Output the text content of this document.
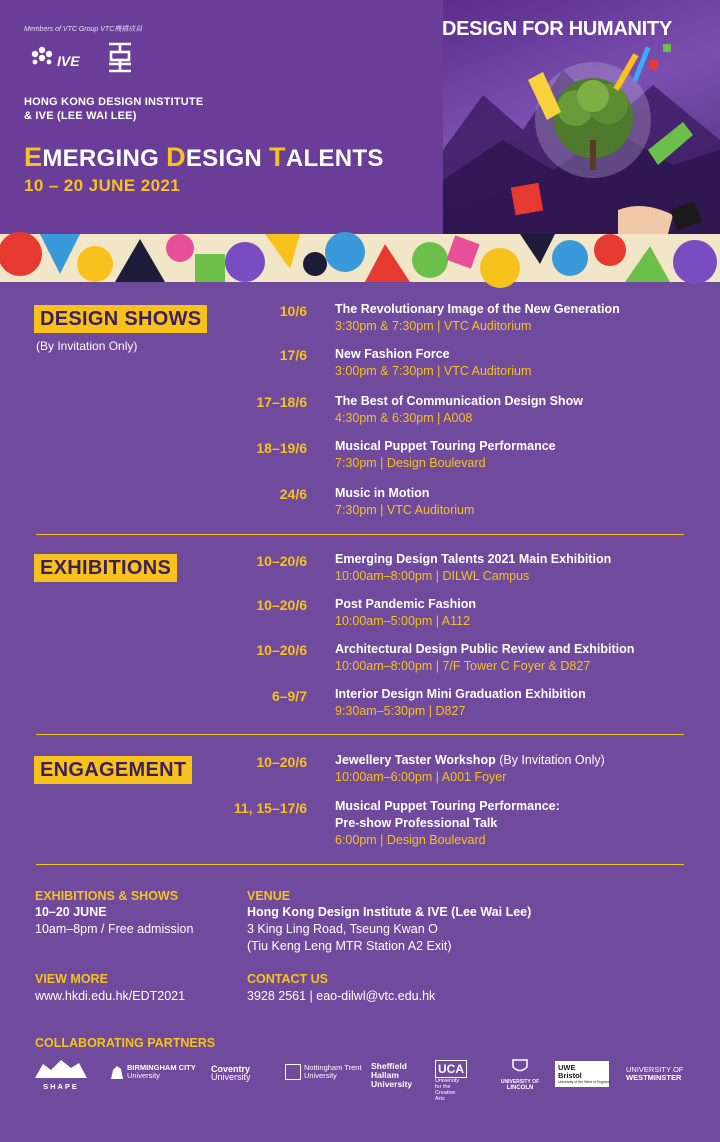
Members of VTC Group VTC機構成員
IVE
HONG KONG DESIGN INSTITUTE
& IVE (LEE WAI LEE)
EMERGING DESIGN TALENTS
10 – 20 JUNE 2021
DESIGN FOR HUMANITY
DESIGN SHOWS
(By Invitation Only)
10/6 The Revolutionary Image of the New Generation
3:30pm & 7:30pm | VTC Auditorium
17/6 New Fashion Force
3:00pm & 7:30pm | VTC Auditorium
17–18/6 The Best of Communication Design Show
4:30pm & 6:30pm | A008
18–19/6 Musical Puppet Touring Performance
7:30pm | Design Boulevard
24/6 Music in Motion
7:30pm | VTC Auditorium
EXHIBITIONS	10–20/6 Emerging Design Talents 2021 Main Exhibition
10:00am–8:00pm | DILWL Campus
10–20/6 Post Pandemic Fashion
10:00am–5:00pm | A112
10–20/6 Architectural Design Public Review and Exhibition
10:00am–8:00pm | 7/F Tower C Foyer & D827
6–9/7 Interior Design Mini Graduation Exhibition
9:30am–5:30pm | D827
ENGAGEMENT	10–20/6 Jewellery Taster Workshop (By Invitation Only)
10:00am–6:00pm | A001 Foyer
11, 15–17/6 Musical Puppet Touring Performance:
Pre-show Professional Talk
6:00pm | Design Boulevard
EXHIBITIONS & SHOWS
10–20 JUNE
10am–8pm / Free admission
VENUE
Hong Kong Design Institute & IVE (Lee Wai Lee)
3 King Ling Road, Tseung Kwan O
(Tiu Keng Leng MTR Station A2 Exit)
VIEW MORE
www.hkdi.edu.hk/EDT2021
CONTACT US
3928 2561 | eao-dilwl@vtc.edu.hk
COLLABORATING PARTNERS
SHAPE
BIRMINGHAM CITY
University
Coventry
University
Nottingham Trent
University
Sheffield Hallam
University
UCA
University for the Creative Arts
UNIVERSITY OF
LINCOLN
UWE Bristol
University of the West of England
UNIVERSITY OF
WESTMINSTER
